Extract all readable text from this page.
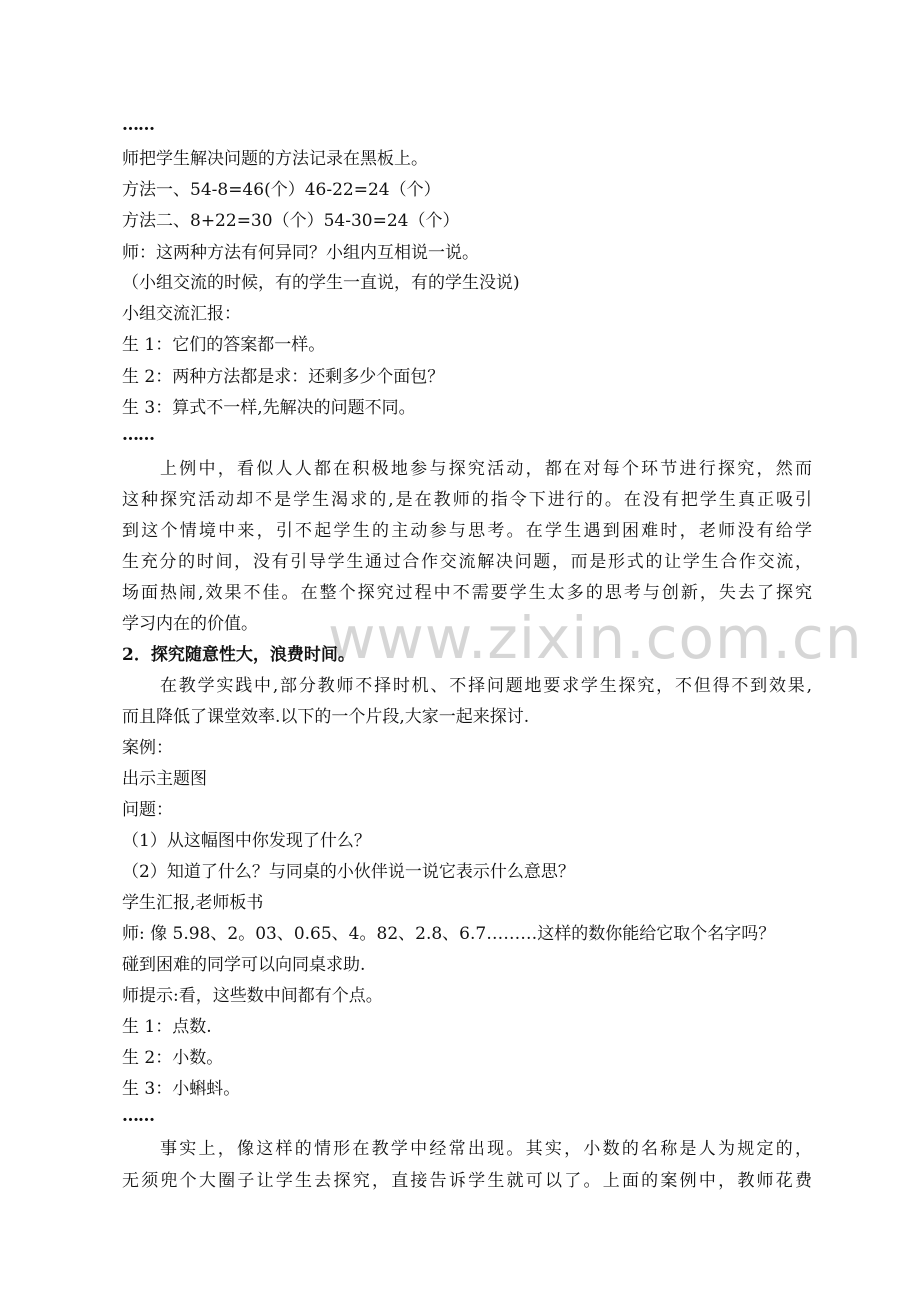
www.zixin.com.cn
……
师把学生解决问题的方法记录在黑板上。
方法一、54-8=46(个）46-22=24（个）
方法二、8+22=30（个）54-30=24（个）
师：这两种方法有何异同？小组内互相说一说。
（小组交流的时候，有的学生一直说，有的学生没说)
小组交流汇报：
生 1：它们的答案都一样。
生 2：两种方法都是求：还剩多少个面包？
生 3：算式不一样,先解决的问题不同。
……
上例中，看似人人都在积极地参与探究活动，都在对每个环节进行探究，然而
这种探究活动却不是学生渴求的,是在教师的指令下进行的。在没有把学生真正吸引
到这个情境中来，引不起学生的主动参与思考。在学生遇到困难时，老师没有给学
生充分的时间，没有引导学生通过合作交流解决问题，而是形式的让学生合作交流，
场面热闹,效果不佳。在整个探究过程中不需要学生太多的思考与创新，失去了探究
学习内在的价值。
2．探究随意性大，浪费时间。
在教学实践中,部分教师不择时机、不择问题地要求学生探究，不但得不到效果,
而且降低了课堂效率.以下的一个片段,大家一起来探讨.
案例：
出示主题图
问题：
（1）从这幅图中你发现了什么？
（2）知道了什么？与同桌的小伙伴说一说它表示什么意思？
学生汇报,老师板书
师: 像 5.98、2。03、0.65、4。82、2.8、6.7………这样的数你能给它取个名字吗？
碰到困难的同学可以向同桌求助.
师提示:看，这些数中间都有个点。
生 1：点数.
生 2：小数。
生 3：小蝌蚪。
……
事实上，像这样的情形在教学中经常出现。其实，小数的名称是人为规定的，
无须兜个大圈子让学生去探究，直接告诉学生就可以了。上面的案例中，教师花费
